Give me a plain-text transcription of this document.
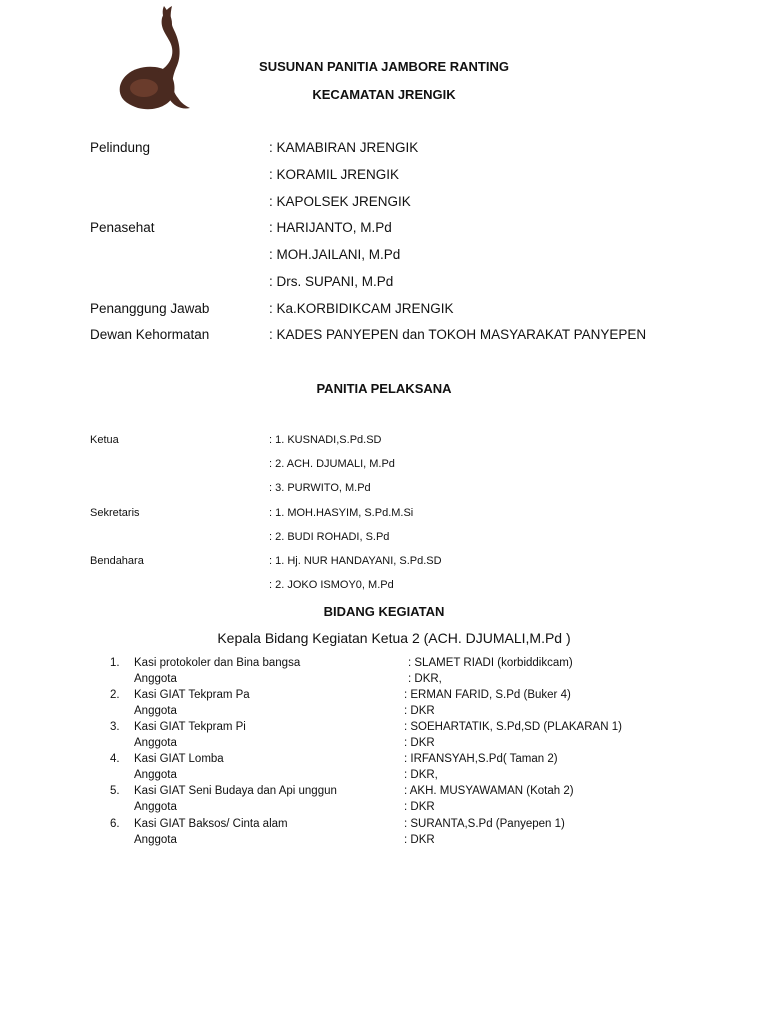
SUSUNAN PANITIA JAMBORE RANTING
KECAMATAN JRENGIK
Pelindung	: KAMABIRAN JRENGIK
: KORAMIL JRENGIK
: KAPOLSEK JRENGIK
Penasehat	: HARIJANTO, M.Pd
: MOH.JAILANI, M.Pd
: Drs. SUPANI, M.Pd
Penanggung Jawab	: Ka.KORBIDIKCAM JRENGIK
Dewan Kehormatan	: KADES PANYEPEN dan TOKOH MASYARAKAT PANYEPEN
PANITIA PELAKSANA
Ketua	: 1. KUSNADI,S.Pd.SD
: 2. ACH. DJUMALI, M.Pd
: 3. PURWITO, M.Pd
Sekretaris	: 1. MOH.HASYIM, S.Pd.M.Si
: 2. BUDI ROHADI, S.Pd
Bendahara	: 1. Hj. NUR HANDAYANI, S.Pd.SD
: 2. JOKO ISMOY0, M.Pd
BIDANG KEGIATAN
Kepala Bidang Kegiatan Ketua 2 (ACH. DJUMALI,M.Pd )
1. Kasi protokoler dan Bina bangsa	: SLAMET RIADI (korbiddikcam)
Anggota	: DKR,
2. Kasi GIAT Tekpram Pa	: ERMAN FARID, S.Pd (Buker 4)
Anggota	: DKR
3. Kasi GIAT Tekpram Pi	: SOEHARTATIK, S.Pd,SD (PLAKARAN 1)
Anggota	: DKR
4. Kasi GIAT Lomba	: IRFANSYAH,S.Pd( Taman 2)
Anggota	: DKR,
5. Kasi GIAT Seni Budaya dan Api unggun	: AKH. MUSYAWAMAN (Kotah 2)
Anggota	: DKR
6. Kasi GIAT Baksos/ Cinta alam	: SURANTA,S.Pd (Panyepen 1)
Anggota	: DKR
